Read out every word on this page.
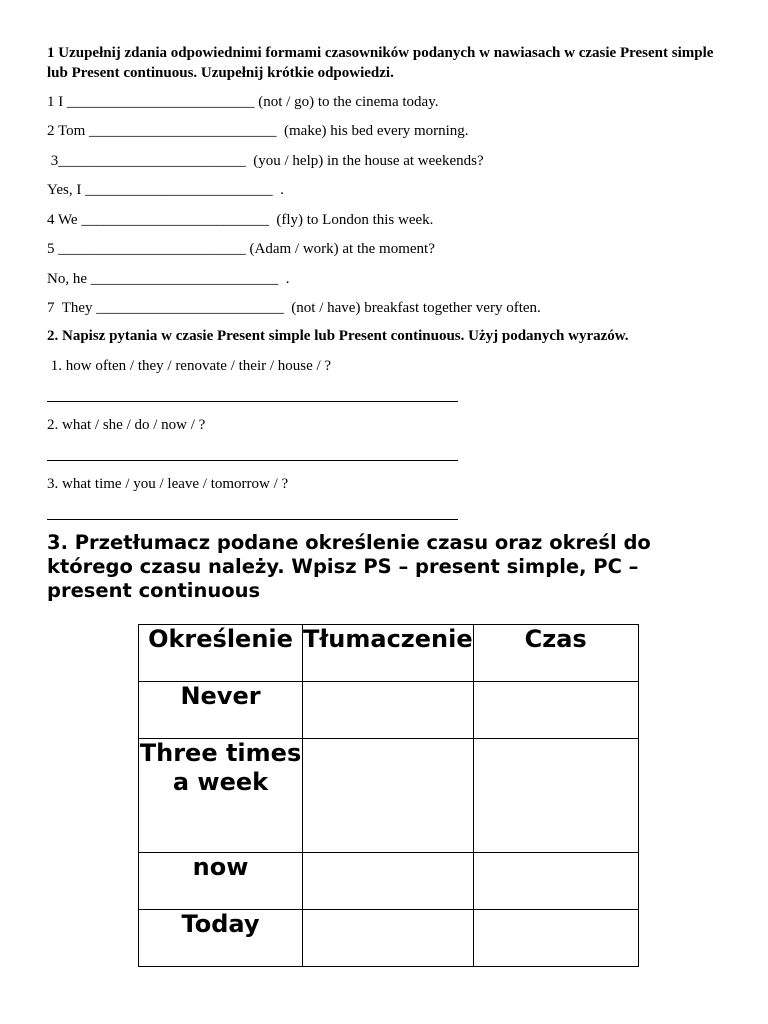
1 Uzupełnij zdania odpowiednimi formami czasowników podanych w nawiasach w czasie Present simple lub Present continuous. Uzupełnij krótkie odpowiedzi.
1 I _________________________ (not / go) to the cinema today.
2 Tom _________________________  (make) his bed every morning.
3_________________________  (you / help) in the house at weekends?
Yes, I _________________________  .
4 We _________________________  (fly) to London this week.
5 _________________________ (Adam / work) at the moment?
No, he _________________________  .
7  They _________________________  (not / have) breakfast together very often.
2. Napisz pytania w czasie Present simple lub Present continuous. Użyj podanych wyrazów.
1. how often / they / renovate / their / house / ?
2. what / she / do / now / ?
3. what time / you / leave / tomorrow / ?
3. Przetłumacz podane określenie czasu oraz określ do którego czasu należy. Wpisz PS – present simple, PC – present continuous
Określenie	Tłumaczenie	Czas
Never		
Three times a week		
now		
Today		
